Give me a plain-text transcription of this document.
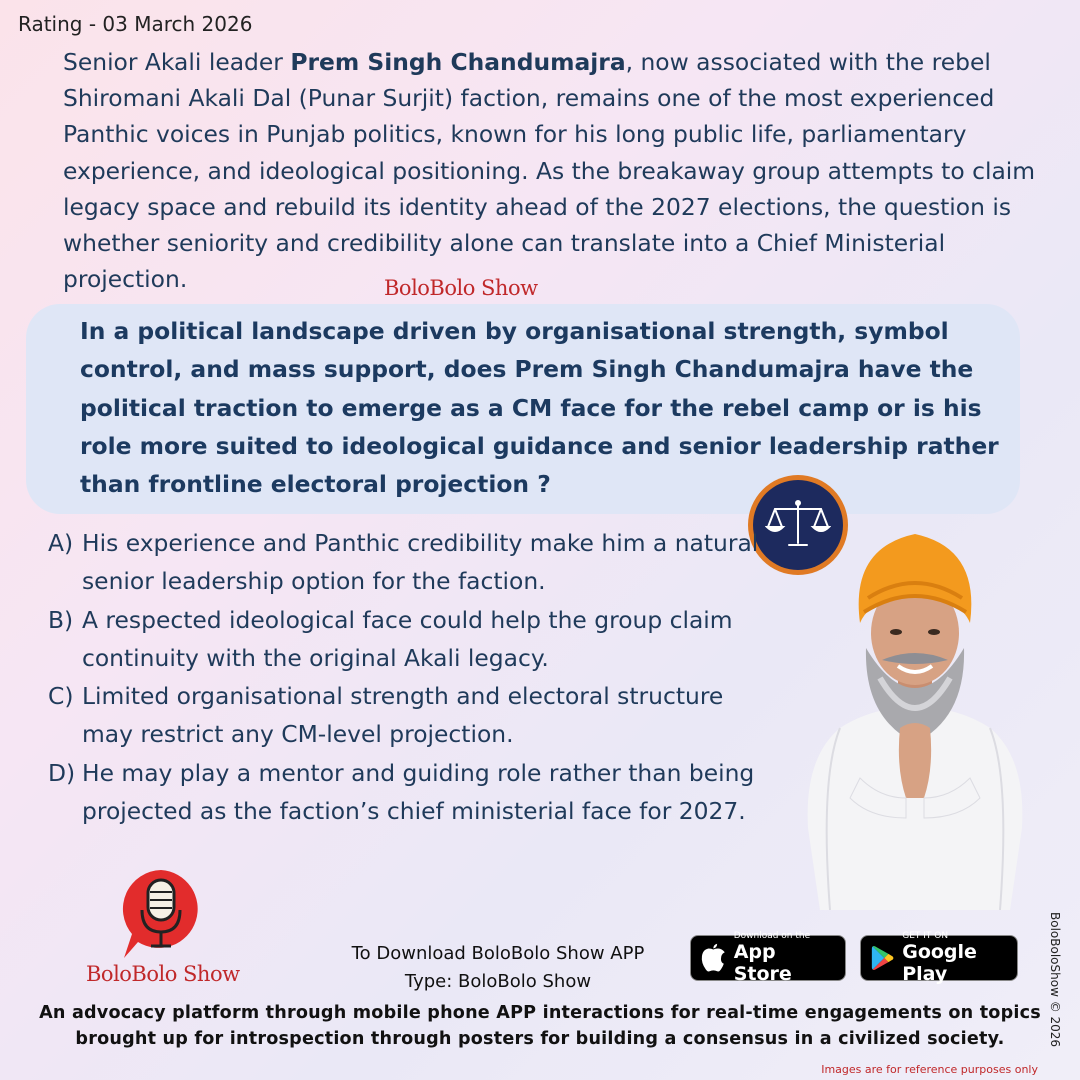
Rating - 03 March 2026

Senior Akali leader Prem Singh Chandumajra, now associated with the rebel Shiromani Akali Dal (Punar Surjit) faction, remains one of the most experienced Panthic voices in Punjab politics, known for his long public life, parliamentary experience, and ideological positioning. As the breakaway group attempts to claim legacy space and rebuild its identity ahead of the 2027 elections, the question is whether seniority and credibility alone can translate into a Chief Ministerial projection.	BoloBolo Show

In a political landscape driven by organisational strength, symbol control, and mass support, does Prem Singh Chandumajra have the political traction to emerge as a CM face for the rebel camp or is his role more suited to ideological guidance and senior leadership rather than frontline electoral projection ?

A) His experience and Panthic credibility make him a natural senior leadership option for the faction.
B) A respected ideological face could help the group claim continuity with the original Akali legacy.
C) Limited organisational strength and electoral structure may restrict any CM-level projection.
D) He may play a mentor and guiding role rather than being projected as the faction’s chief ministerial face for 2027.
BoloBolo Show
To Download BoloBolo Show APP
Type: BoloBolo Show
Download on the
App Store
GET IT ON
Google Play

An advocacy platform through mobile phone APP interactions for real-time engagements on topics brought up for introspection through posters for building a consensus in a civilized society.	BoloBoloShow © 2026
Images are for reference purposes only
